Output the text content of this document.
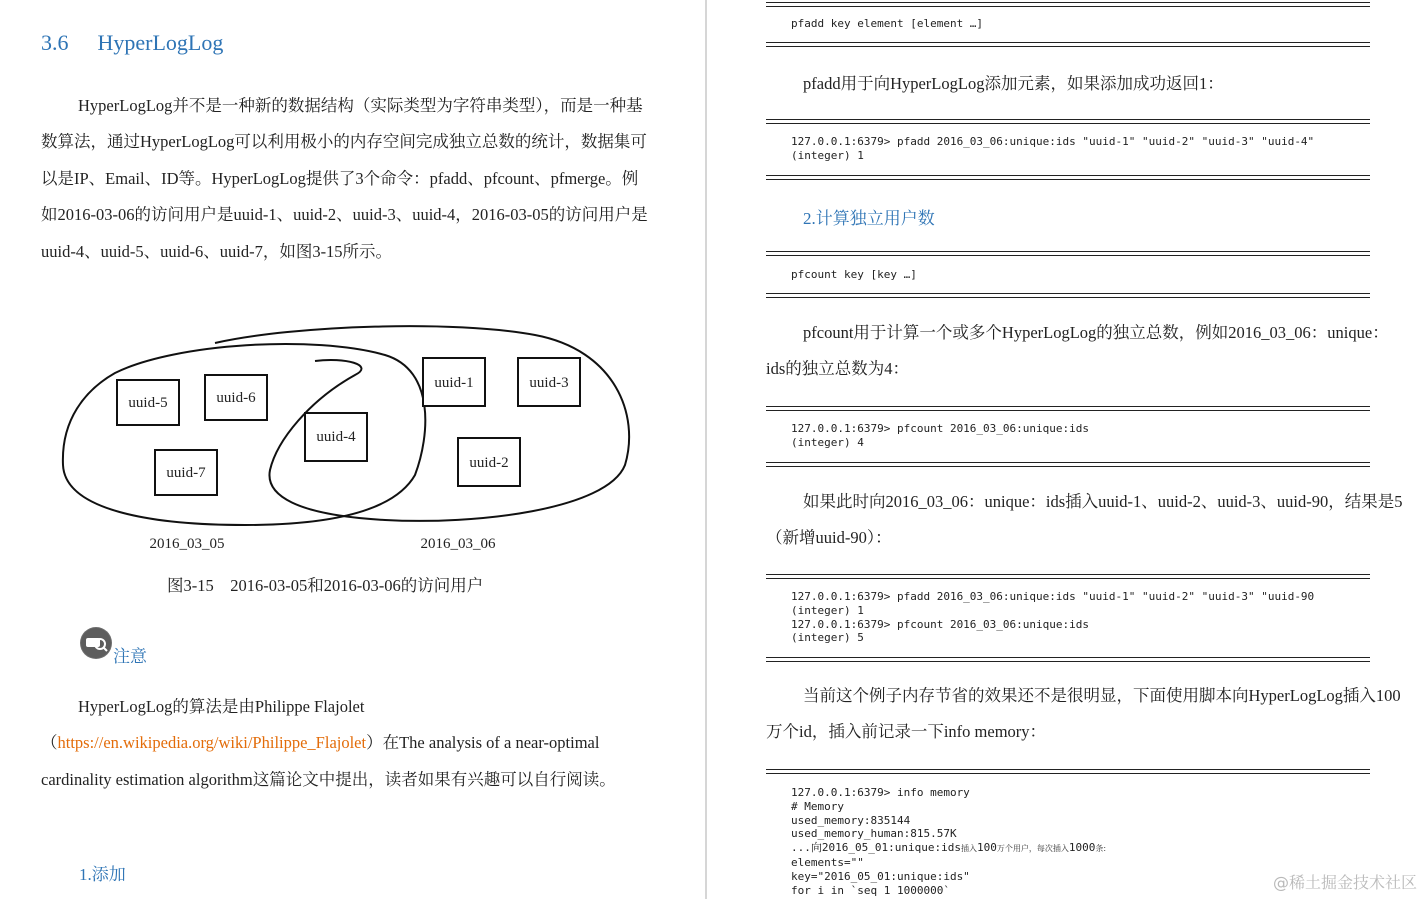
3.6 HyperLogLog

HyperLogLog并不是一种新的数据结构（实际类型为字符串类型），而是一种基数算法，通过HyperLogLog可以利用极小的内存空间完成独立总数的统计，数据集可以是IP、Email、ID等。HyperLogLog提供了3个命令：pfadd、pfcount、pfmerge。例如2016-03-06的访问用户是uuid-1、uuid-2、uuid-3、uuid-4，2016-03-05的访问用户是uuid-4、uuid-5、uuid-6、uuid-7，如图3-15所示。

uuid-5	uuid-6
uuid-7
uuid-4
uuid-1	uuid-3
uuid-2
2016_03_05	2016_03_06
图3-15　2016-03-05和2016-03-06的访问用户
注意

HyperLogLog的算法是由Philippe Flajolet（https://en.wikipedia.org/wiki/Philippe_Flajolet）在The analysis of a near-optimal cardinality estimation algorithm这篇论文中提出，读者如果有兴趣可以自行阅读。

1.添加
pfadd key element [element …]

pfadd用于向HyperLogLog添加元素，如果添加成功返回1：

127.0.0.1:6379> pfadd 2016_03_06:unique:ids "uuid-1" "uuid-2" "uuid-3" "uuid-4"
(integer) 1
2.计算独立用户数
pfcount key [key …]

pfcount用于计算一个或多个HyperLogLog的独立总数，例如2016_03_06：unique：ids的独立总数为4：

127.0.0.1:6379> pfcount 2016_03_06:unique:ids
(integer) 4

如果此时向2016_03_06：unique：ids插入uuid-1、uuid-2、uuid-3、uuid-90，结果是5（新增uuid-90）：

127.0.0.1:6379> pfadd 2016_03_06:unique:ids "uuid-1" "uuid-2" "uuid-3" "uuid-90
(integer) 1
127.0.0.1:6379> pfcount 2016_03_06:unique:ids
(integer) 5

当前这个例子内存节省的效果还不是很明显，下面使用脚本向HyperLogLog插入100万个id，插入前记录一下info memory：

127.0.0.1:6379> info memory
# Memory
used_memory:835144
used_memory_human:815.57K
...向2016_05_01:unique:ids插入100万个用户，每次插入1000条:
elements=""
key="2016_05_01:unique:ids"
for i in `seq 1 1000000`	@稀土掘金技术社区
